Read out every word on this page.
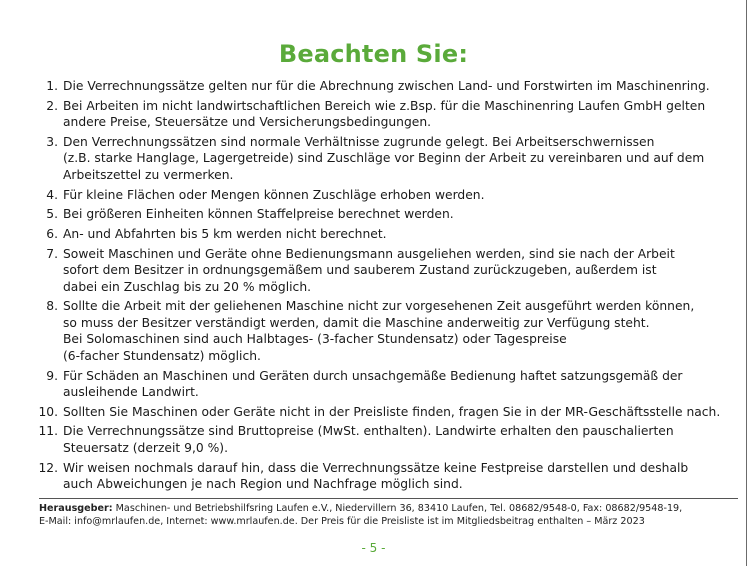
Beachten Sie:
1. Die Verrechnungssätze gelten nur für die Abrechnung zwischen Land- und Forstwirten im Maschinenring.
2. Bei Arbeiten im nicht landwirtschaftlichen Bereich wie z.Bsp. für die Maschinenring Laufen GmbH gelten
andere Preise, Steuersätze und Versicherungsbedingungen.
3. Den Verrechnungssätzen sind normale Verhältnisse zugrunde gelegt. Bei Arbeitserschwernissen
(z.B. starke Hanglage, Lagergetreide) sind Zuschläge vor Beginn der Arbeit zu vereinbaren und auf dem
Arbeitszettel zu vermerken.
4. Für kleine Flächen oder Mengen können Zuschläge erhoben werden.
5. Bei größeren Einheiten können Staffelpreise berechnet werden.
6. An- und Abfahrten bis 5 km werden nicht berechnet.
7. Soweit Maschinen und Geräte ohne Bedienungsmann ausgeliehen werden, sind sie nach der Arbeit
sofort dem Besitzer in ordnungsgemäßem und sauberem Zustand zurückzugeben, außerdem ist
dabei ein Zuschlag bis zu 20 % möglich.
8. Sollte die Arbeit mit der geliehenen Maschine nicht zur vorgesehenen Zeit ausgeführt werden können,
so muss der Besitzer verständigt werden, damit die Maschine anderweitig zur Verfügung steht.
Bei Solomaschinen sind auch Halbtages- (3-facher Stundensatz) oder Tagespreise
(6-facher Stundensatz) möglich.
9. Für Schäden an Maschinen und Geräten durch unsachgemäße Bedienung haftet satzungsgemäß der
ausleihende Landwirt.
10. Sollten Sie Maschinen oder Geräte nicht in der Preisliste finden, fragen Sie in der MR-Geschäftsstelle nach.
11. Die Verrechnungssätze sind Bruttopreise (MwSt. enthalten). Landwirte erhalten den pauschalierten
Steuersatz (derzeit 9,0 %).
12. Wir weisen nochmals darauf hin, dass die Verrechnungssätze keine Festpreise darstellen und deshalb
auch Abweichungen je nach Region und Nachfrage möglich sind.
Herausgeber: Maschinen- und Betriebshilfsring Laufen e.V., Niedervillern 36, 83410 Laufen, Tel. 08682/9548-0, Fax: 08682/9548-19,
E-Mail: info@mrlaufen.de, Internet: www.mrlaufen.de. Der Preis für die Preisliste ist im Mitgliedsbeitrag enthalten – März 2023
- 5 -
